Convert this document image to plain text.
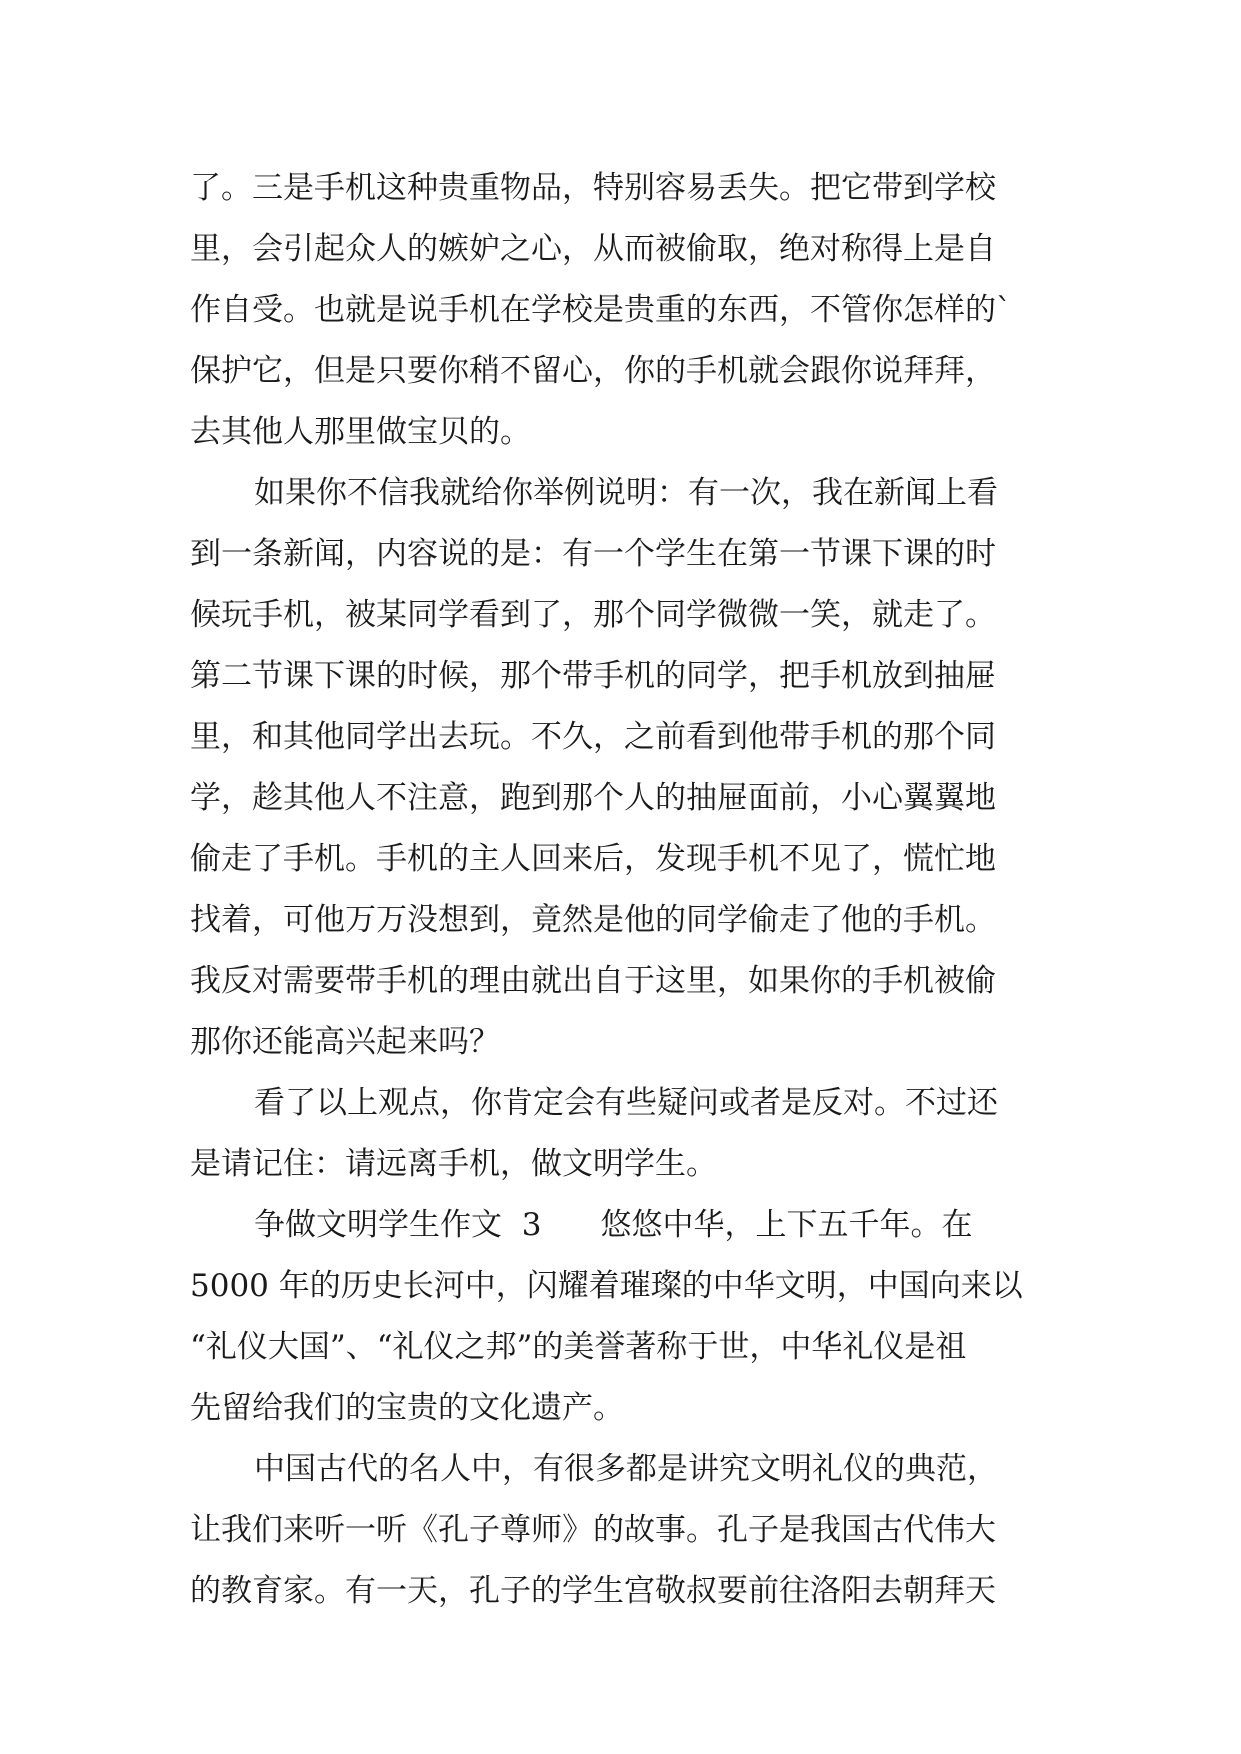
了。三是手机这种贵重物品，特别容易丢失。把它带到学校
里，会引起众人的嫉妒之心，从而被偷取，绝对称得上是自
作自受。也就是说手机在学校是贵重的东西，不管你怎样的`
保护它，但是只要你稍不留心，你的手机就会跟你说拜拜，
去其他人那里做宝贝的。
如果你不信我就给你举例说明：有一次，我在新闻上看
到一条新闻，内容说的是：有一个学生在第一节课下课的时
候玩手机，被某同学看到了，那个同学微微一笑，就走了。
第二节课下课的时候，那个带手机的同学，把手机放到抽屉
里，和其他同学出去玩。不久，之前看到他带手机的那个同
学，趁其他人不注意，跑到那个人的抽屉面前，小心翼翼地
偷走了手机。手机的主人回来后，发现手机不见了，慌忙地
找着，可他万万没想到，竟然是他的同学偷走了他的手机。
我反对需要带手机的理由就出自于这里，如果你的手机被偷
那你还能高兴起来吗？
看了以上观点，你肯定会有些疑问或者是反对。不过还
是请记住：请远离手机，做文明学生。
争做文明学生作文  3      悠悠中华，上下五千年。在
5000 年的历史长河中，闪耀着璀璨的中华文明，中国向来以
“礼仪大国”、“礼仪之邦”的美誉著称于世，中华礼仪是祖
先留给我们的宝贵的文化遗产。
中国古代的名人中，有很多都是讲究文明礼仪的典范，
让我们来听一听《孔子尊师》的故事。孔子是我国古代伟大
的教育家。有一天，孔子的学生宫敬叔要前往洛阳去朝拜天
